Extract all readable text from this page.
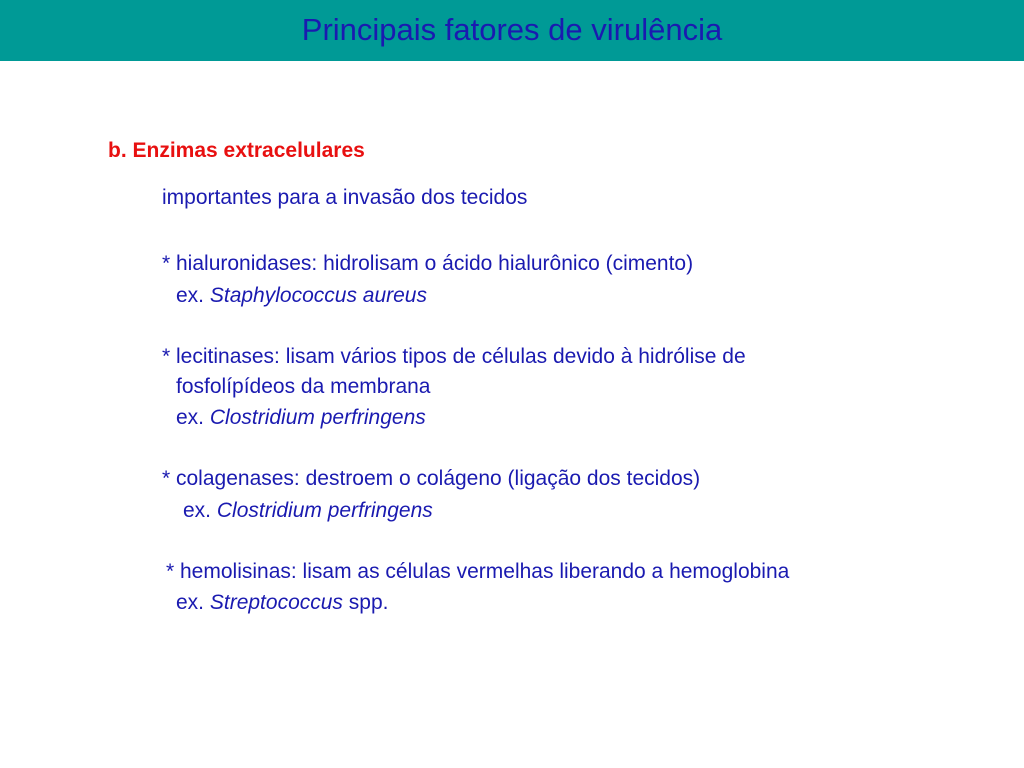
Principais fatores de virulência
b. Enzimas extracelulares
importantes para a invasão dos tecidos
* hialuronidases: hidrolisam o ácido hialurônico (cimento)
ex. Staphylococcus aureus
* lecitinases: lisam vários tipos de células devido à hidrólise de
fosfolípídeos da membrana
ex. Clostridium perfringens
* colagenases: destroem o colágeno (ligação dos tecidos)
ex. Clostridium perfringens
* hemolisinas: lisam as células vermelhas liberando a hemoglobina
ex. Streptococcus spp.
